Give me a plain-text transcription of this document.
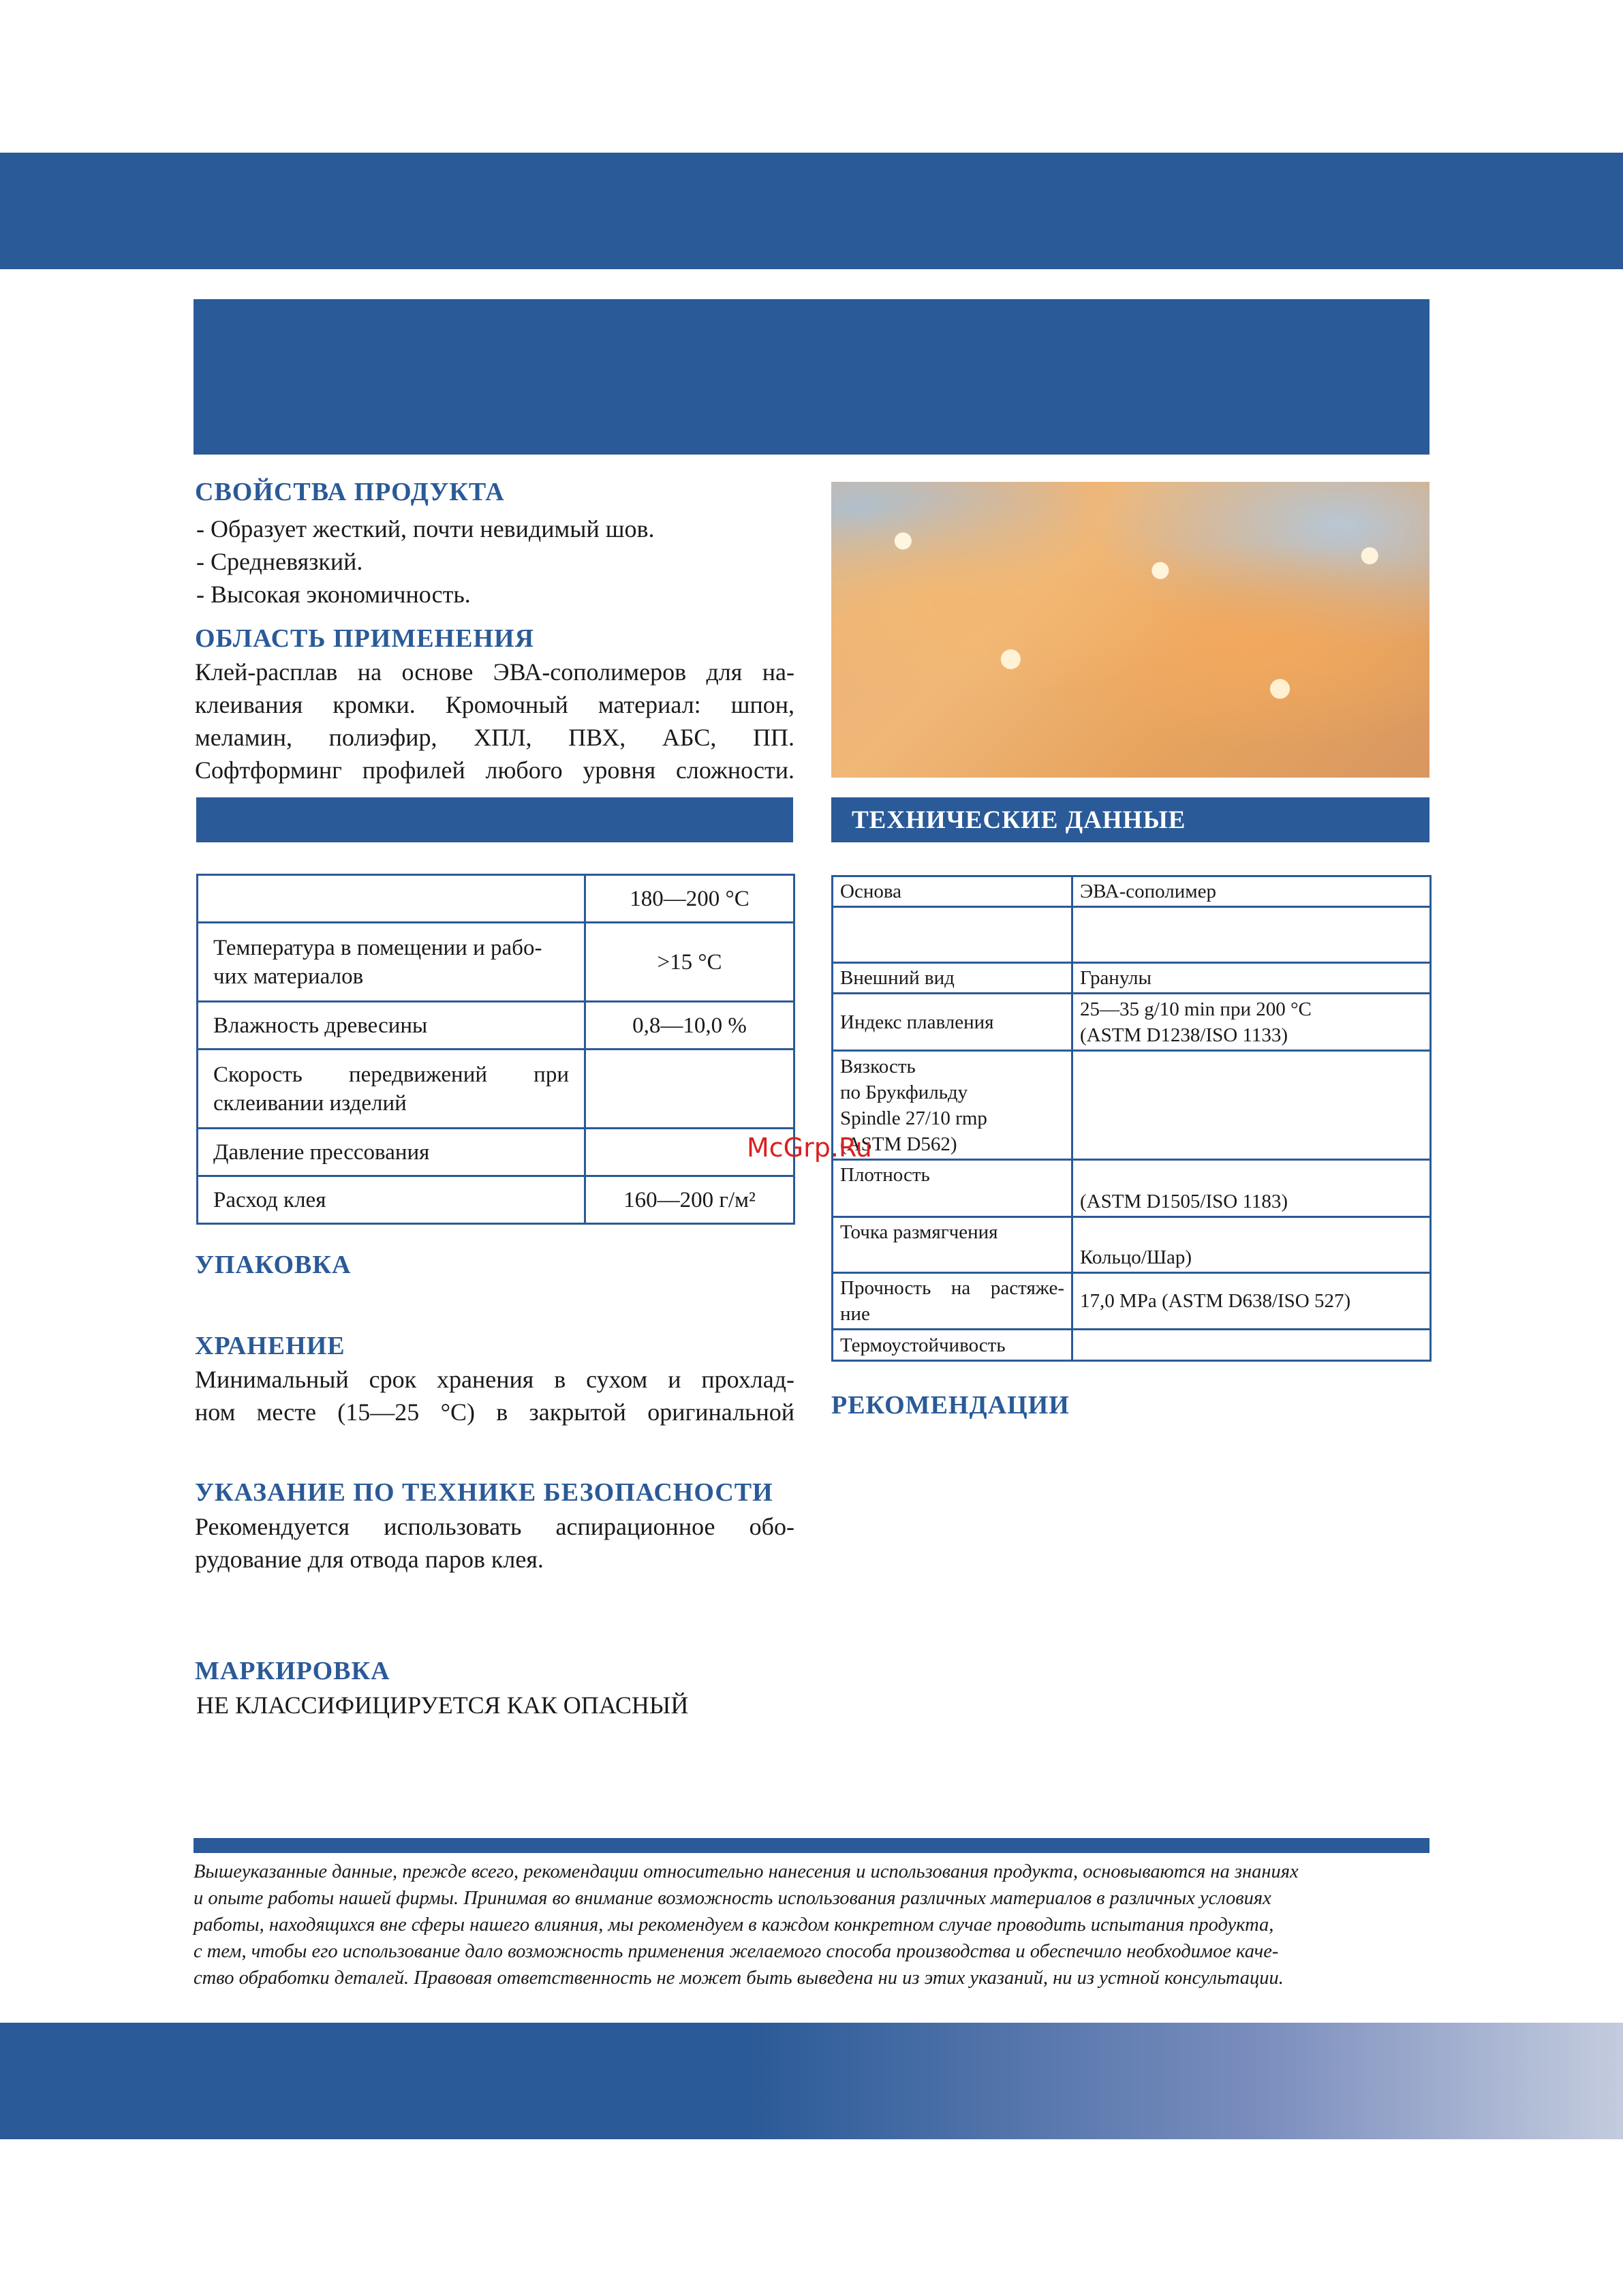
СВОЙСТВА ПРОДУКТА
- Образует жесткий, почти невидимый шов.
- Средневязкий.
- Высокая экономичность.
ОБЛАСТЬ ПРИМЕНЕНИЯ
Клей-расплав на основе ЭВА-сополимеров для на-
клеивания кромки. Кромочный материал: шпон,
меламин, полиэфир, ХПЛ, ПВХ, АБС, ПП.
Софтформинг профилей любого уровня сложности.
ТЕХНИЧЕСКИЕ ДАННЫЕ
	180—200 °С

Температура в помещении и рабо-
чих материалов	>15 °C
Влажность древесины	0,8—10,0 %

Скорость передвижений при
склеивании изделий	

Давление прессования	
Расход клея	160—200 г/м²
Основа	ЭВА-сополимер

Внешний вид	Гранулы

Индекс плавления	25—35 g/10 min при 200 °C
(ASTM D1238/ISO 1133)

Вязкость
по Брукфильду
Spindle 27/10 rmp
(ASTM D562)	

Плотность	(ASTM D1505/ISO 1183)

Точка размягчения	Кольцо/Шар)

Прочность на растяже-
ние	17,0 MPa (ASTM D638/ISO 527)

Термоустойчивость	

McGrp.Ru
УПАКОВКА
ХРАНЕНИЕ
Минимальный срок хранения в сухом и прохлад-
ном месте (15—25 °C) в закрытой оригинальной РЕКОМЕНДАЦИИ
УКАЗАНИЕ ПО ТЕХНИКЕ БЕЗОПАСНОСТИ
Рекомендуется использовать аспирационное обо-
рудование для отвода паров клея.
МАРКИРОВКА
НЕ КЛАССИФИЦИРУЕТСЯ КАК ОПАСНЫЙ
Вышеуказанные данные, прежде всего, рекомендации относительно нанесения и использования продукта, основываются на знаниях
и опыте работы нашей фирмы. Принимая во внимание возможность использования различных материалов в различных условиях
работы, находящихся вне сферы нашего влияния, мы рекомендуем в каждом конкретном случае проводить испытания продукта,
с тем, чтобы его использование дало возможность применения желаемого способа производства и обеспечило необходимое каче-
ство обработки деталей. Правовая ответственность не может быть выведена ни из этих указаний, ни из устной консультации.
